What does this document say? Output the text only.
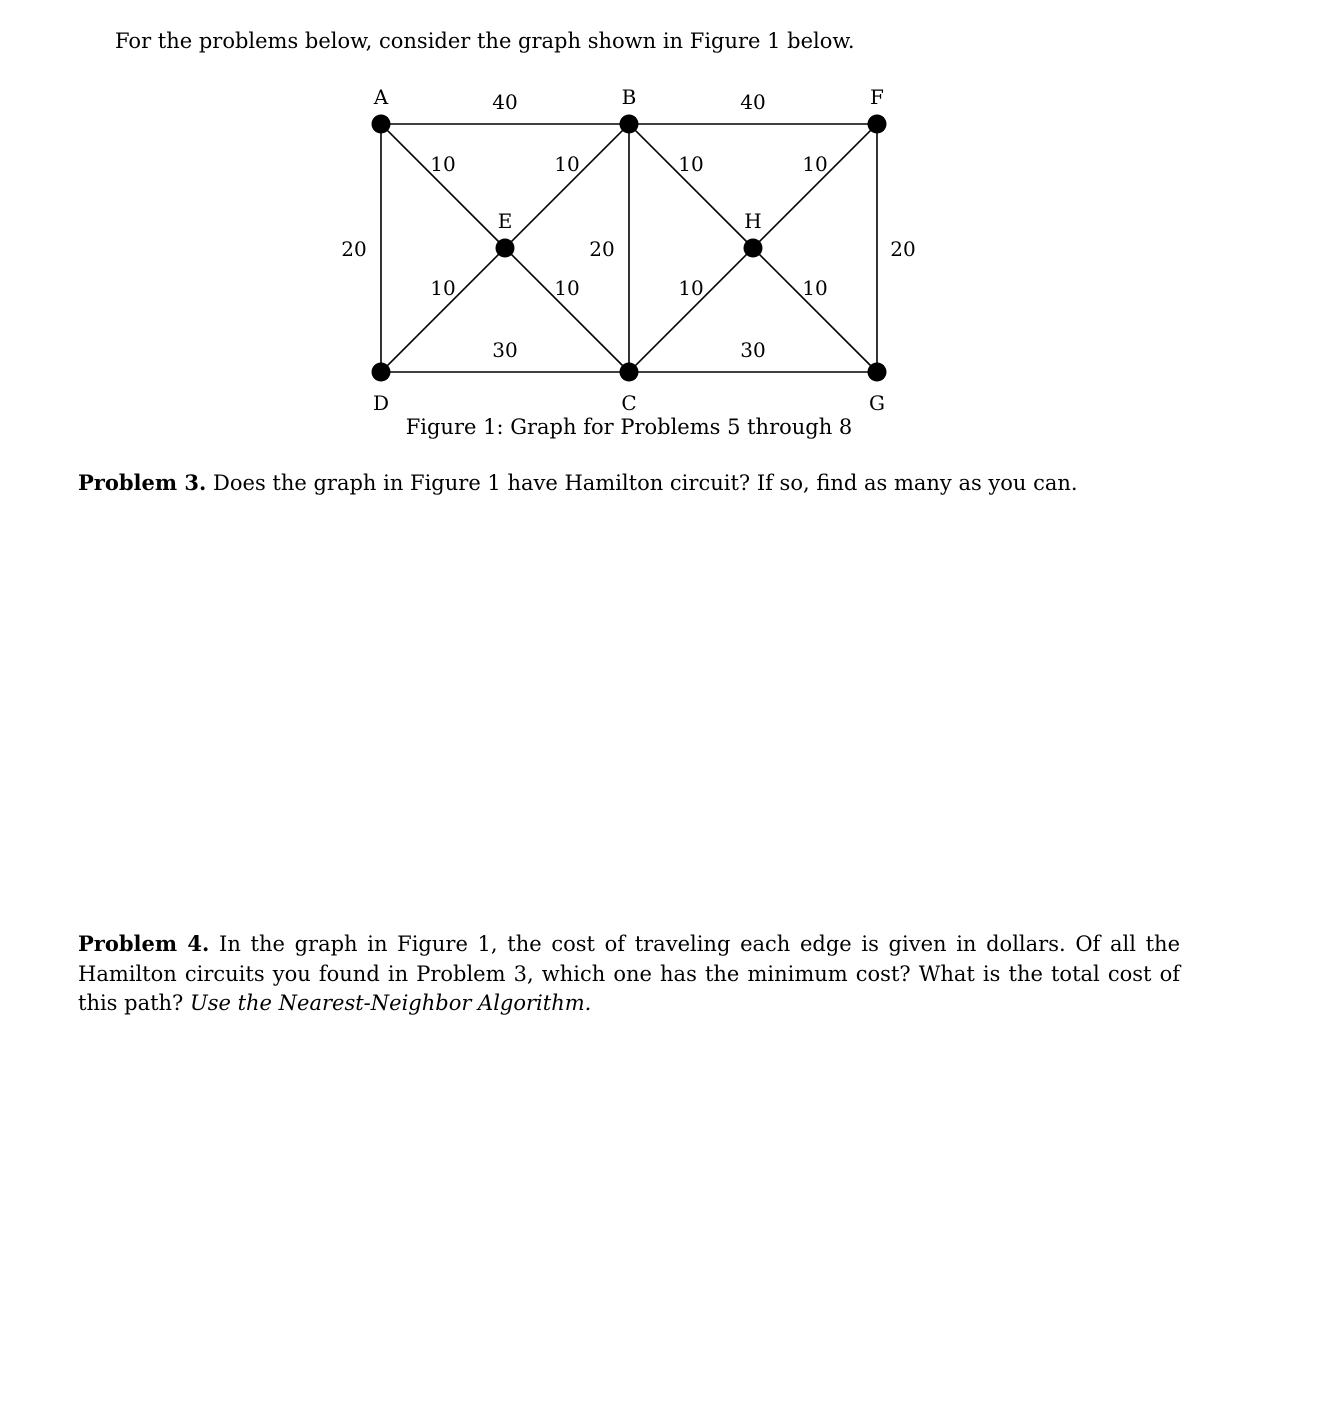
For the problems below, consider the graph shown in Figure 1 below.
40	40
20	20	20
30	30
10	10
10	10
10	10
10	10
A	B	F
E	H
D	C	G
Figure 1: Graph for Problems 5 through 8
Problem 3. Does the graph in Figure 1 have Hamilton circuit? If so, find as many as you can.
Problem 4. In the graph in Figure 1, the cost of traveling each edge is given in dollars. Of all the Hamilton circuits you found in Problem 3, which one has the minimum cost? What is the total cost of this path? Use the Nearest-Neighbor Algorithm.
